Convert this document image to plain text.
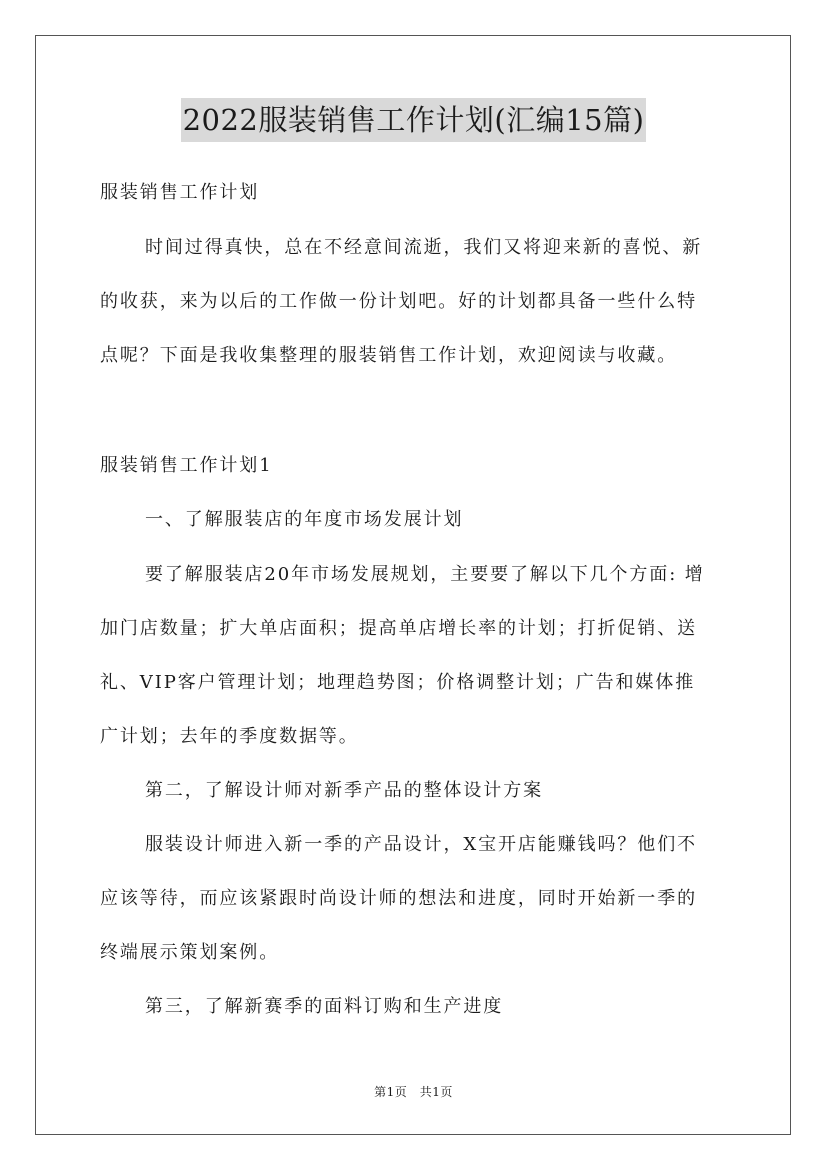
2022服装销售工作计划(汇编15篇)
服装销售工作计划
时间过得真快，总在不经意间流逝，我们又将迎来新的喜悦、新
的收获，来为以后的工作做一份计划吧。好的计划都具备一些什么特
点呢？下面是我收集整理的服装销售工作计划，欢迎阅读与收藏。
服装销售工作计划1
一、了解服装店的年度市场发展计划
要了解服装店20年市场发展规划，主要要了解以下几个方面: 增
加门店数量；扩大单店面积；提高单店增长率的计划；打折促销、送
礼、VIP客户管理计划；地理趋势图；价格调整计划；广告和媒体推
广计划；去年的季度数据等。
第二，了解设计师对新季产品的整体设计方案
服装设计师进入新一季的产品设计，X宝开店能赚钱吗？他们不
应该等待，而应该紧跟时尚设计师的想法和进度，同时开始新一季的
终端展示策划案例。
第三，了解新赛季的面料订购和生产进度
第1页　共1页
